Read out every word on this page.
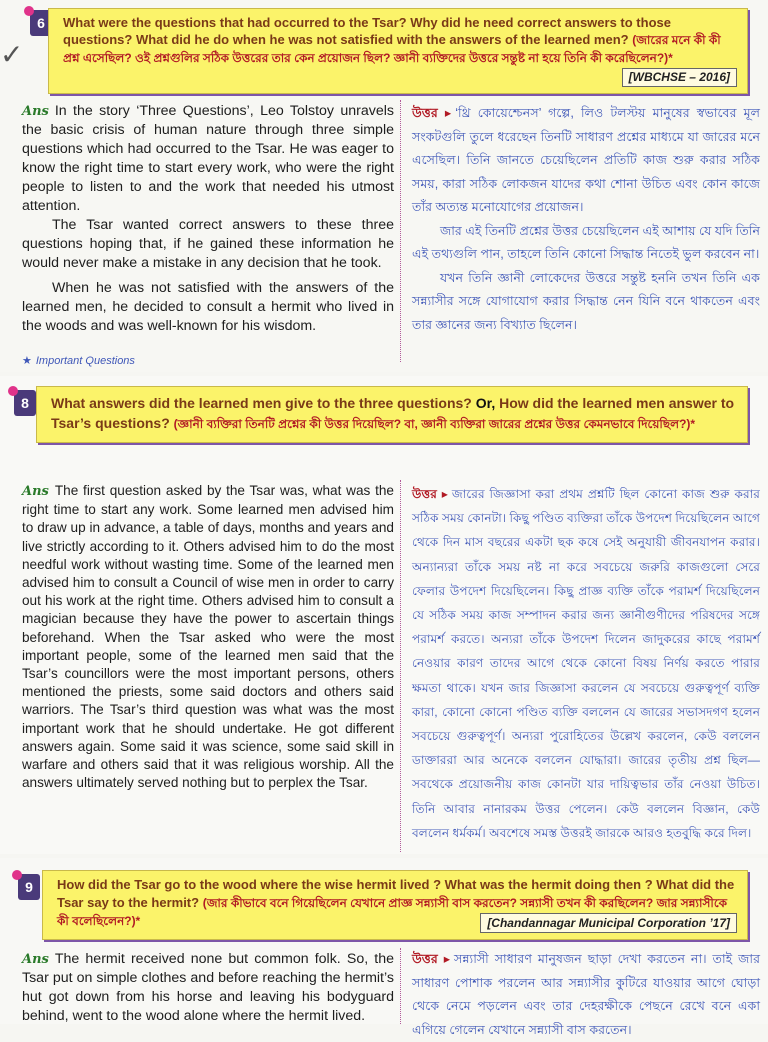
6	What were the questions that had occurred to the Tsar? Why did he need correct answers to those questions? What did he do when he was not satisfied with the answers of the learned men? (জারের মনে কী কী প্রশ্ন এসেছিল? ওই প্রশ্নগুলির সঠিক উত্তরের তার কেন প্রয়োজন ছিল? জ্ঞানী ব্যক্তিদের উত্তরে সন্তুষ্ট না হয়ে তিনি কী করেছিলেন?)*
[WBCHSE – 2016]
✓

Ans In the story ‘Three Questions’, Leo Tolstoy unravels the basic crisis of human nature through three simple questions which had occurred to the Tsar. He was eager to know the right time to start every work, who were the right people to listen to and the work that needed his utmost attention.

The Tsar wanted correct answers to these three questions hoping that, if he gained these information he would never make a mistake in any decision that he took.

When he was not satisfied with the answers of the learned men, he decided to consult a hermit who lived in the woods and was well-known for his wisdom.

★ Important Questions

উত্তর ▸ ‘থ্রি কোয়েশ্চেনস’ গল্পে, লিও টলস্টয় মানুষের স্বভাবের মূল সংকটগুলি তুলে ধরেছেন তিনটি সাধারণ প্রশ্নের মাধ্যমে যা জারের মনে এসেছিল। তিনি জানতে চেয়েছিলেন প্রতিটি কাজ শুরু করার সঠিক সময়, কারা সঠিক লোকজন যাদের কথা শোনা উচিত এবং কোন কাজে তাঁর অত্যন্ত মনোযোগের প্রয়োজন।

জার এই তিনটি প্রশ্নের উত্তর চেয়েছিলেন এই আশায় যে যদি তিনি এই তথ্যগুলি পান, তাহলে তিনি কোনো সিদ্ধান্ত নিতেই ভুল করবেন না।

যখন তিনি জ্ঞানী লোকেদের উত্তরে সন্তুষ্ট হননি তখন তিনি এক সন্ন্যাসীর সঙ্গে যোগাযোগ করার সিদ্ধান্ত নেন যিনি বনে থাকতেন এবং তার জ্ঞানের জন্য বিখ্যাত ছিলেন।

8	What answers did the learned men give to the three questions? Or, How did the learned men answer to Tsar’s questions? (জ্ঞানী ব্যক্তিরা তিনটি প্রশ্নের কী উত্তর দিয়েছিল? বা, জ্ঞানী ব্যক্তিরা জারের প্রশ্নের উত্তর কেমনভাবে দিয়েছিল?)*

Ans The first question asked by the Tsar was, what was the right time to start any work. Some learned men advised him to draw up in advance, a table of days, months and years and live strictly according to it. Others advised him to do the most needful work without wasting time. Some of the learned men advised him to consult a Council of wise men in order to carry out his work at the right time. Others advised him to consult a magician because they have the power to ascertain things beforehand. When the Tsar asked who were the most important people, some of the learned men said that the Tsar’s councillors were the most important persons, others mentioned the priests, some said doctors and others said warriors. The Tsar’s third question was what was the most important work that he should undertake. He got different answers again. Some said it was science, some said skill in warfare and others said that it was religious worship. All the answers ultimately served nothing but to perplex the Tsar.

উত্তর ▸ জারের জিজ্ঞাসা করা প্রথম প্রশ্নটি ছিল কোনো কাজ শুরু করার সঠিক সময় কোনটা। কিছু পণ্ডিত ব্যক্তিরা তাঁকে উপদেশ দিয়েছিলেন আগে থেকে দিন মাস বছরের একটা ছক কষে সেই অনুযায়ী জীবনযাপন করার। অন্যান্যরা তাঁকে সময় নষ্ট না করে সবচেয়ে জরুরি কাজগুলো সেরে ফেলার উপদেশ দিয়েছিলেন। কিছু প্রাজ্ঞ ব্যক্তি তাঁকে পরামর্শ দিয়েছিলেন যে সঠিক সময় কাজ সম্পাদন করার জন্য জ্ঞানীগুণীদের পরিষদের সঙ্গে পরামর্শ করতে। অন্যরা তাঁকে উপদেশ দিলেন জাদুকরের কাছে পরামর্শ নেওয়ার কারণ তাদের আগে থেকে কোনো বিষয় নির্ণয় করতে পারার ক্ষমতা থাকে। যখন জার জিজ্ঞাসা করলেন যে সবচেয়ে গুরুত্বপূর্ণ ব্যক্তি কারা, কোনো কোনো পণ্ডিত ব্যক্তি বললেন যে জারের সভাসদগণ হলেন সবচেয়ে গুরুত্বপূর্ণ। অন্যরা পুরোহিতের উল্লেখ করলেন, কেউ বললেন ডাক্তাররা আর অনেকে বললেন যোদ্ধারা। জারের তৃতীয় প্রশ্ন ছিল— সবথেকে প্রয়োজনীয় কাজ কোনটা যার দায়িত্বভার তাঁর নেওয়া উচিত। তিনি আবার নানারকম উত্তর পেলেন। কেউ বললেন বিজ্ঞান, কেউ বললেন ধর্মকর্ম। অবশেষে সমস্ত উত্তরই জারকে আরও হতবুদ্ধি করে দিল।

9	How did the Tsar go to the wood where the wise hermit lived ? What was the hermit doing then ? What did the Tsar say to the hermit? (জার কীভাবে বনে গিয়েছিলেন যেখানে প্রাজ্ঞ সন্ন্যাসী বাস করতেন? সন্ন্যাসী তখন কী করছিলেন? জার সন্ন্যাসীকে কী বলেছিলেন?)*	[Chandannagar Municipal Corporation ’17]

Ans The hermit received none but common folk. So, the Tsar put on simple clothes and before reaching the hermit’s hut got down from his horse and leaving his bodyguard behind, went to the wood alone where the hermit lived.

উত্তর ▸ সন্ন্যাসী সাধারণ মানুষজন ছাড়া দেখা করতেন না। তাই জার সাধারণ পোশাক পরলেন আর সন্ন্যাসীর কুটিরে যাওয়ার আগে ঘোড়া থেকে নেমে পড়লেন এবং তার দেহরক্ষীকে পেছনে রেখে বনে একা এগিয়ে গেলেন যেখানে সন্ন্যাসী বাস করতেন।
